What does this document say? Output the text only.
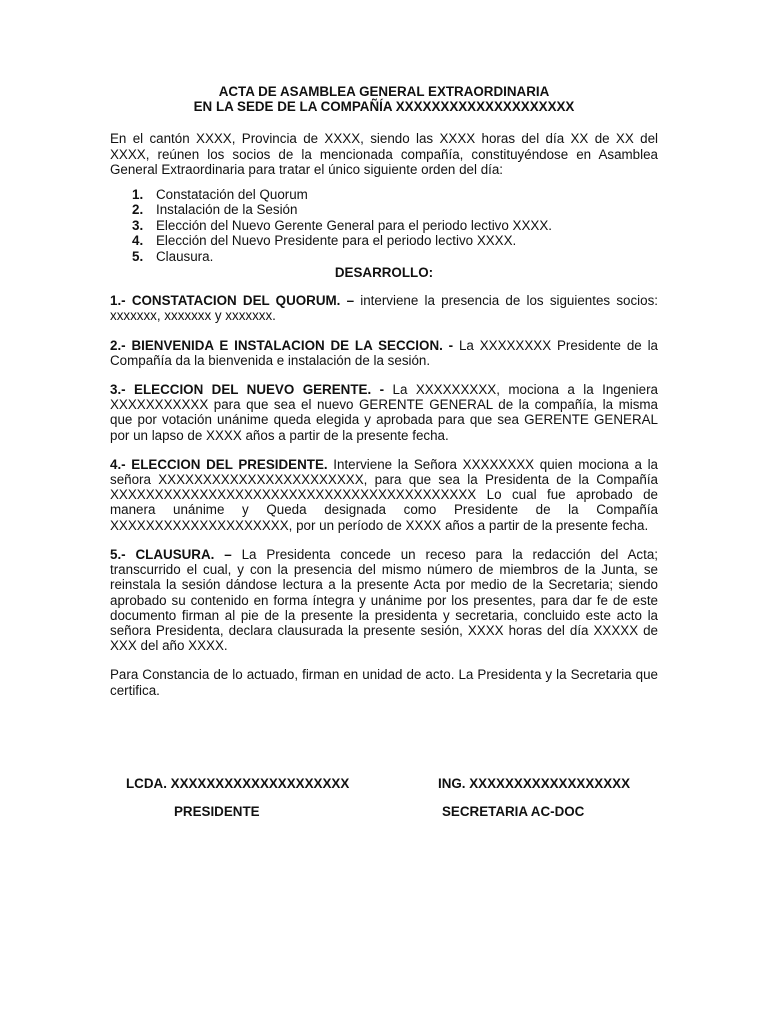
ACTA DE ASAMBLEA GENERAL EXTRAORDINARIA

EN LA SEDE DE LA COMPAÑÍA XXXXXXXXXXXXXXXXXXXX

En el cantón XXXX, Provincia de XXXX, siendo las XXXX horas del día XX de XX del XXXX, reúnen los socios de la mencionada compañía, constituyéndose en Asamblea General Extraordinaria para tratar el único siguiente orden del día:

1. Constatación del Quorum
2. Instalación de la Sesión
3. Elección del Nuevo Gerente General para el periodo lectivo XXXX.
4. Elección del Nuevo Presidente para el periodo lectivo XXXX.
5. Clausura.

DESARROLLO:

1.- CONSTATACION DEL QUORUM. – interviene la presencia de los siguientes socios: xxxxxxx, xxxxxxx y xxxxxxx.

2.- BIENVENIDA E INSTALACION DE LA SECCION. - La XXXXXXXX Presidente de la Compañía da la bienvenida e instalación de la sesión.

3.- ELECCION DEL NUEVO GERENTE. - La XXXXXXXXX, mociona a la Ingeniera XXXXXXXXXXX para que sea el nuevo GERENTE GENERAL de la compañía, la misma que por votación unánime queda elegida y aprobada para que sea GERENTE GENERAL por un lapso de XXXX años a partir de la presente fecha.

4.- ELECCION DEL PRESIDENTE. Interviene la Señora XXXXXXXX quien mociona a la señora XXXXXXXXXXXXXXXXXXXXXXX, para que sea la Presidenta de la Compañía XXXXXXXXXXXXXXXXXXXXXXXXXXXXXXXXXXXXXXXXX Lo cual fue aprobado de manera unánime y Queda designada como Presidente de la Compañía XXXXXXXXXXXXXXXXXXXX, por un período de XXXX años a partir de la presente fecha.

5.- CLAUSURA. – La Presidenta concede un receso para la redacción del Acta; transcurrido el cual, y con la presencia del mismo número de miembros de la Junta, se reinstala la sesión dándose lectura a la presente Acta por medio de la Secretaria; siendo aprobado su contenido en forma íntegra y unánime por los presentes, para dar fe de este documento firman al pie de la presente la presidenta y secretaria, concluido este acto la señora Presidenta, declara clausurada la presente sesión, XXXX horas del día XXXXX de XXX del año XXXX.

Para Constancia de lo actuado, firman en unidad de acto. La Presidenta y la Secretaria que certifica.

LCDA. XXXXXXXXXXXXXXXXXXXX	ING. XXXXXXXXXXXXXXXXXX
PRESIDENTE	SECRETARIA AC-DOC
